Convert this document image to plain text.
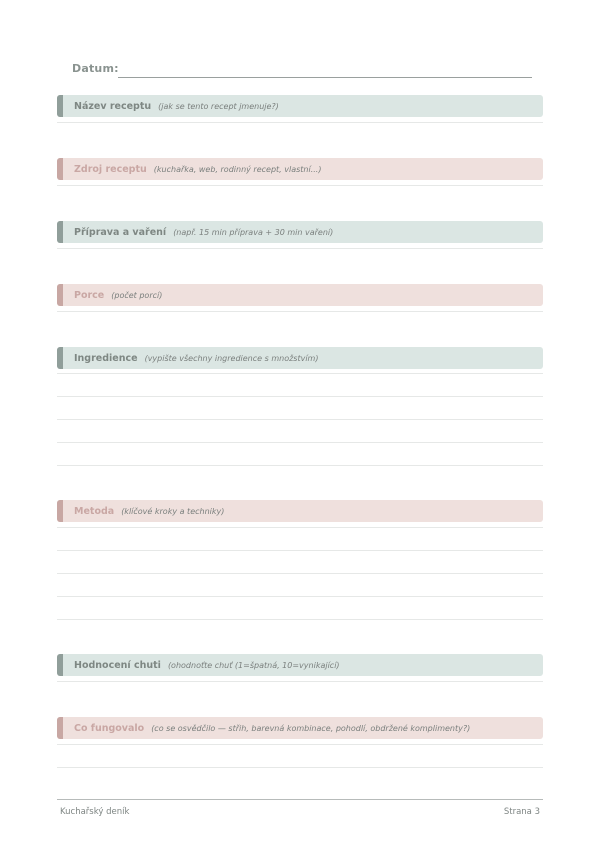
Datum:
Název receptu (jak se tento recept jmenuje?)
Zdroj receptu (kuchařka, web, rodinný recept, vlastní...)
Příprava a vaření (např. 15 min příprava + 30 min vaření)
Porce (počet porcí)
Ingredience (vypište všechny ingredience s množstvím)
Metoda (klíčové kroky a techniky)
Hodnocení chuti (ohodnoťte chuť (1=špatná, 10=vynikající)
Co fungovalo (co se osvědčilo — střih, barevná kombinace, pohodlí, obdržené komplimenty?)
Kuchařský deník	Strana 3
